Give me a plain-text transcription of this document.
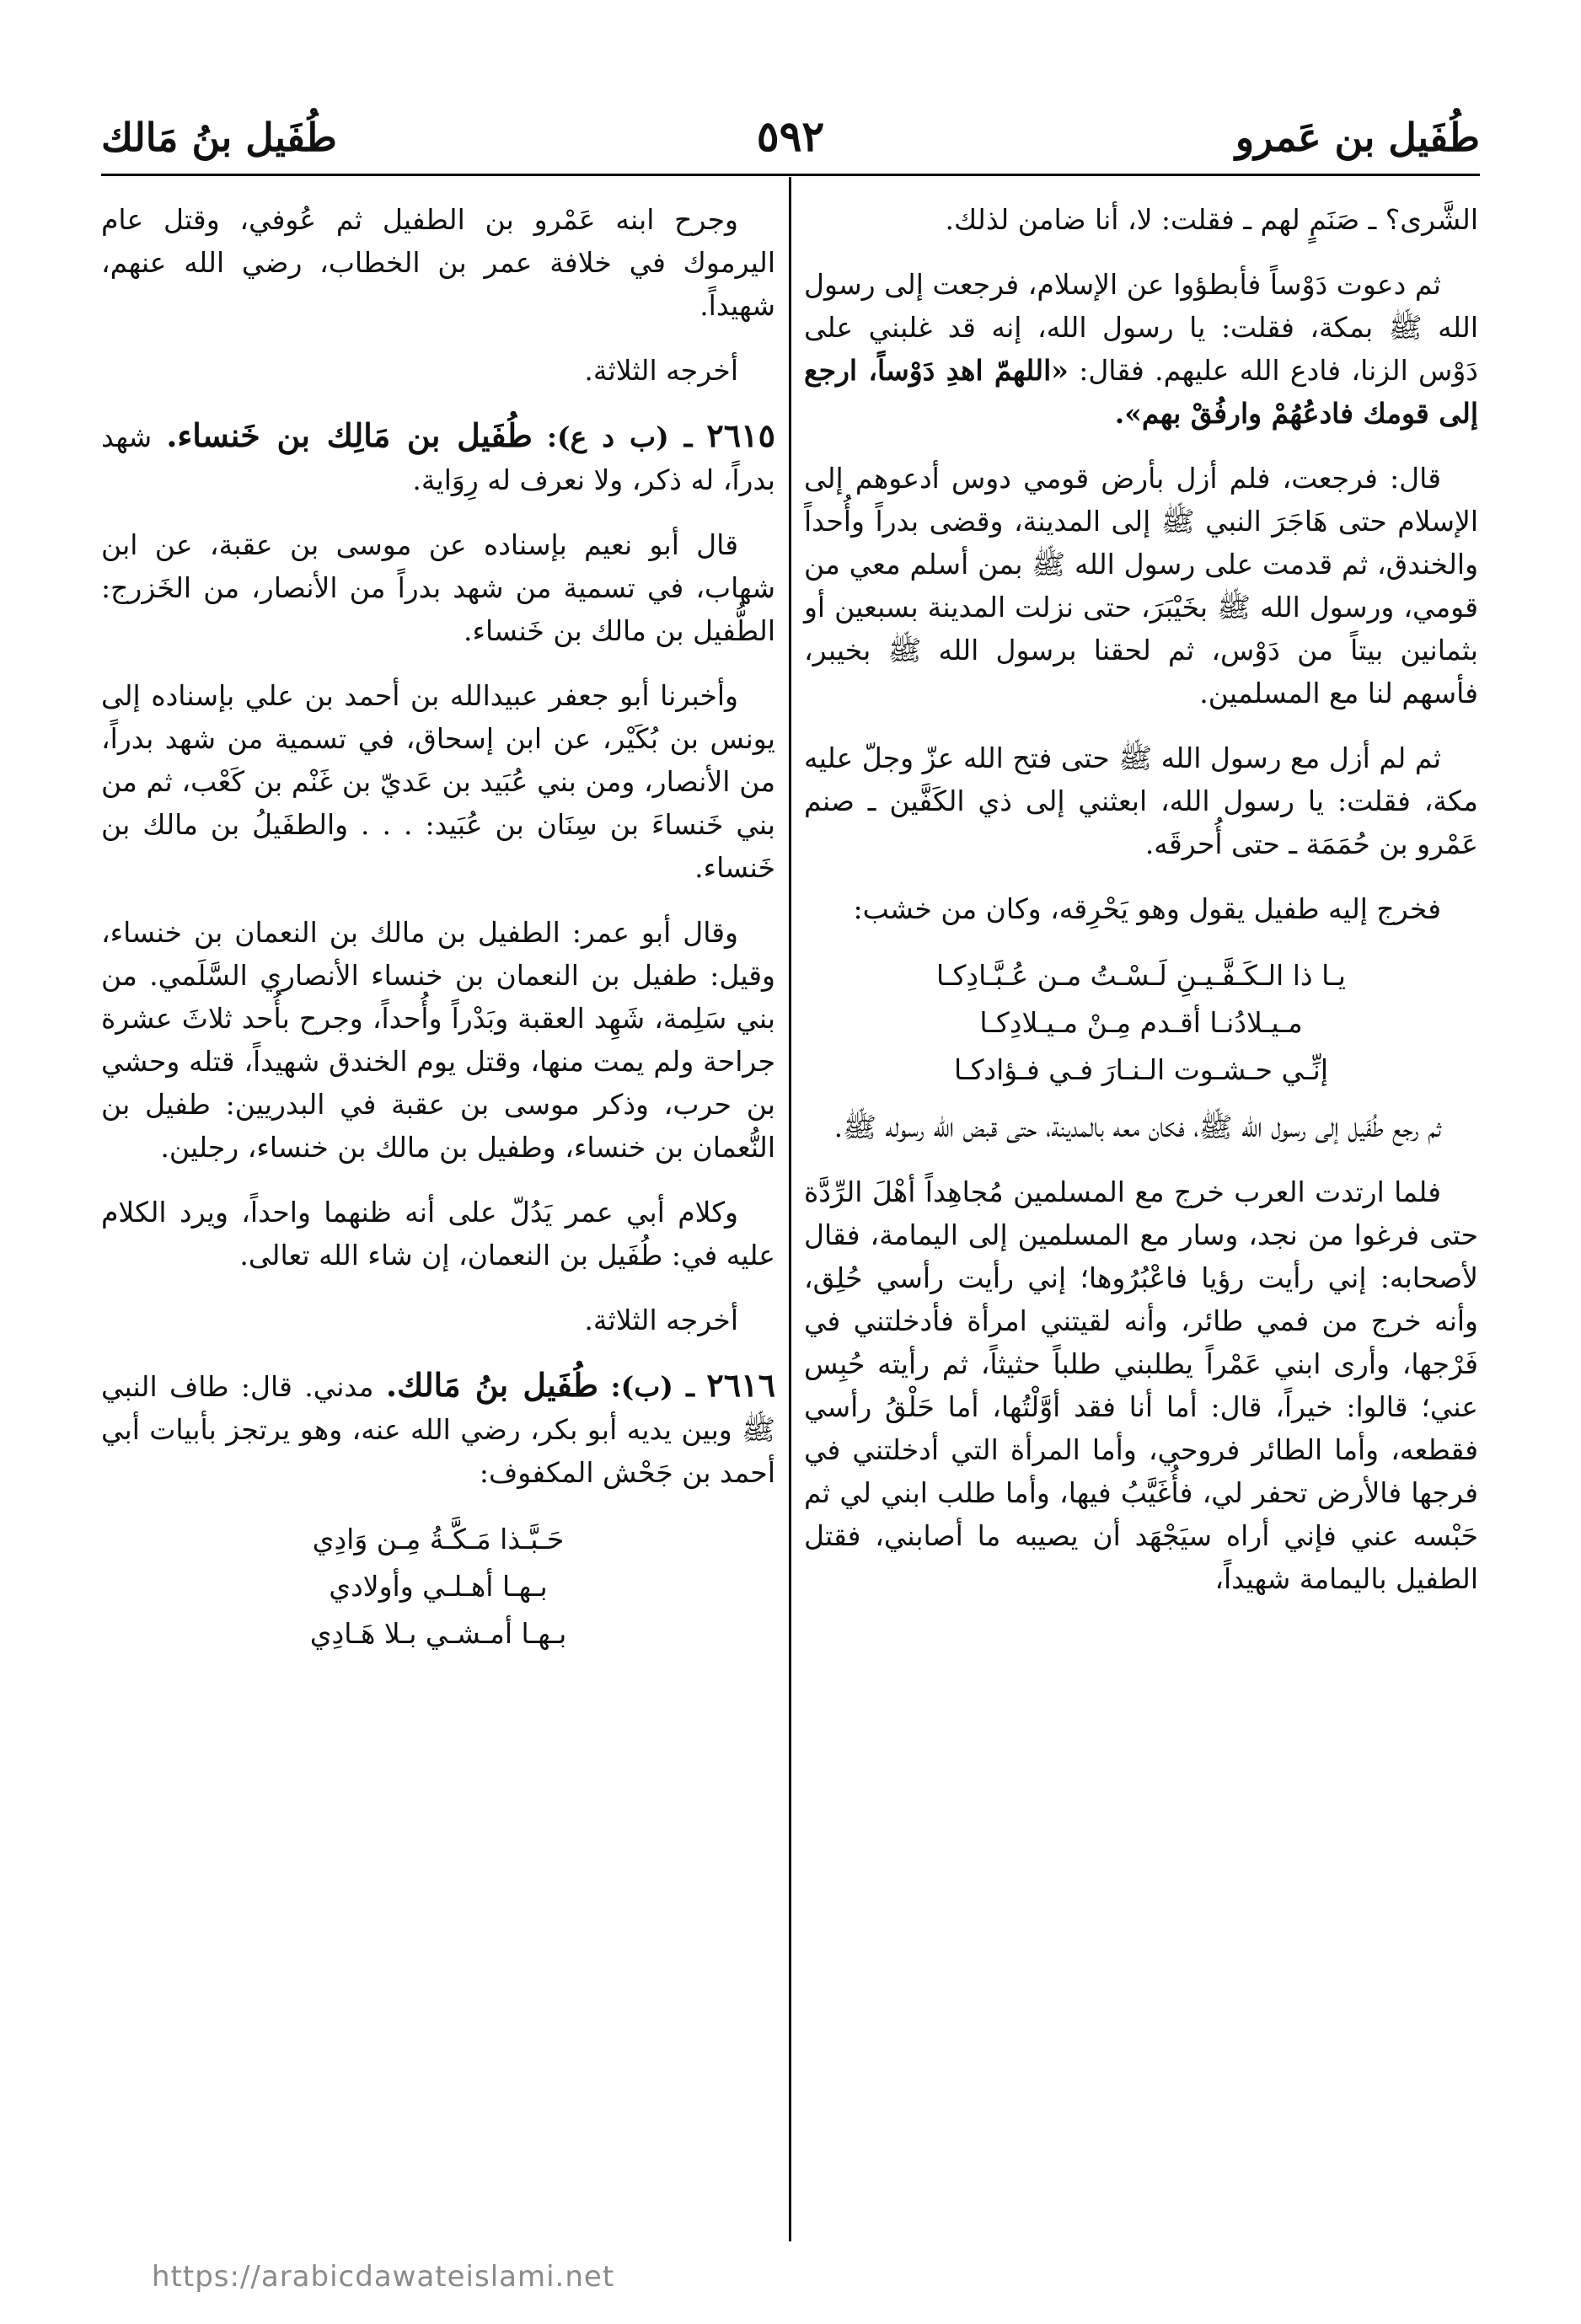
طُفَيل بن عَمرو
٥٩٢
طُفَيل بنُ مَالك

الشَّرى؟ ـ صَنَمٍ لهم ـ فقلت: لا، أنا ضامن لذلك.

ثم دعوت دَوْساً فأبطؤوا عن الإسلام، فرجعت إلى رسول الله ﷺ بمكة، فقلت: يا رسول الله، إنه قد غلبني على دَوْس الزنا، فادع الله عليهم. فقال: «اللهمّ اهدِ دَوْساً، ارجع إلى قومك فادعُهُمْ وارفُقْ بهم».

قال: فرجعت، فلم أزل بأرض قومي دوس أدعوهم إلى الإسلام حتى هَاجَرَ النبي ﷺ إلى المدينة، وقضى بدراً وأُحداً والخندق، ثم قدمت على رسول الله ﷺ بمن أسلم معي من قومي، ورسول الله ﷺ بخَيْبَرَ، حتى نزلت المدينة بسبعين أو بثمانين بيتاً من دَوْس، ثم لحقنا برسول الله ﷺ بخيبر، فأسهم لنا مع المسلمين.

ثم لم أزل مع رسول الله ﷺ حتى فتح الله عزّ وجلّ عليه مكة، فقلت: يا رسول الله، ابعثني إلى ذي الكَفَّين ـ صنم عَمْرو بن حُمَمَة ـ حتى أُحرقَه.

فخرج إليه طفيل يقول وهو يَحْرِقه، وكان من خشب:

يـا ذا الـكَـفَّـيـنِ لَـسْـتُ مـن عُـبَّـادِكـا
مـيـلادُنـا أقـدم مِـنْ مـيـلادِكـا
إنِّـي حـشـوت الـنـارَ فـي فـؤادكـا

ثم رجع طُفَيل إلى رسول الله ﷺ، فكان معه بالمدينة، حتى قبض الله رسوله ﷺ.

فلما ارتدت العرب خرج مع المسلمين مُجاهِداً أهْلَ الرِّدَّة حتى فرغوا من نجد، وسار مع المسلمين إلى اليمامة، فقال لأصحابه: إني رأيت رؤيا فاعْبُرُوها؛ إني رأيت رأسي حُلِق، وأنه خرج من فمي طائر، وأنه لقيتني امرأة فأدخلتني في فَرْجها، وأرى ابني عَمْراً يطلبني طلباً حثيثاً، ثم رأيته حُبِس عني؛ قالوا: خيراً، قال: أما أنا فقد أوَّلْتُها، أما حَلْقُ رأسي فقطعه، وأما الطائر فروحي، وأما المرأة التي أدخلتني في فرجها فالأرض تحفر لي، فأُغَيَّبُ فيها، وأما طلب ابني لي ثم حَبْسه عني فإني أراه سيَجْهَد أن يصيبه ما أصابني، فقتل الطفيل باليمامة شهيداً،

وجرح ابنه عَمْرو بن الطفيل ثم عُوفي، وقتل عام اليرموك في خلافة عمر بن الخطاب، رضي الله عنهم، شهيداً.

أخرجه الثلاثة.

٢٦١٥ ـ (ب د ع): طُفَيل بن مَالِك بن خَنساء. شهد بدراً، له ذكر، ولا نعرف له رِوَاية.

قال أبو نعيم بإسناده عن موسى بن عقبة، عن ابن شهاب، في تسمية من شهد بدراً من الأنصار، من الخَزرج: الطُّفيل بن مالك بن خَنساء.

وأخبرنا أبو جعفر عبيدالله بن أحمد بن علي بإسناده إلى يونس بن بُكَيْر، عن ابن إسحاق، في تسمية من شهد بدراً، من الأنصار، ومن بني عُبَيد بن عَديّ بن غَنْم بن كَعْب، ثم من بني خَنساءَ بن سِنَان بن عُبَيد: . . . والطفَيلُ بن مالك بن خَنساء.

وقال أبو عمر: الطفيل بن مالك بن النعمان بن خنساء، وقيل: طفيل بن النعمان بن خنساء الأنصاري السَّلَمي. من بني سَلِمة، شَهِد العقبة وبَدْراً وأُحداً، وجرح بأُحد ثلاثَ عشرة جراحة ولم يمت منها، وقتل يوم الخندق شهيداً، قتله وحشي بن حرب، وذكر موسى بن عقبة في البدريين: طفيل بن النُّعمان بن خنساء، وطفيل بن مالك بن خنساء، رجلين.

وكلام أبي عمر يَدُلّ على أنه ظنهما واحداً، ويرد الكلام عليه في: طُفَيل بن النعمان، إن شاء الله تعالى.

أخرجه الثلاثة.

٢٦١٦ ـ (ب): طُفَيل بنُ مَالك. مدني. قال: طاف النبي ﷺ وبين يديه أبو بكر، رضي الله عنه، وهو يرتجز بأبيات أبي أحمد بن جَحْش المكفوف:

حَـبَّـذا مَـكَّـةُ مِـن وَادِي
بـهـا أهـلـي وأولادي
بـهـا أمـشـي بـلا هَـادِي
https://arabicdawateislami.net
